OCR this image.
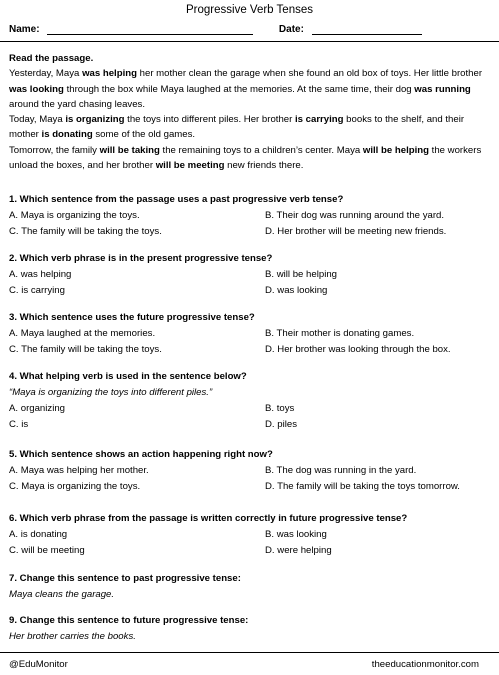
Progressive Verb Tenses
Name:	Date:

Read the passage.

Yesterday, Maya was helping her mother clean the garage when she found an old box of toys. Her little brother was looking through the box while Maya laughed at the memories. At the same time, their dog was running around the yard chasing leaves.

Today, Maya is organizing the toys into different piles. Her brother is carrying books to the shelf, and their mother is donating some of the old games.

Tomorrow, the family will be taking the remaining toys to a children’s center. Maya will be helping the workers unload the boxes, and her brother will be meeting new friends there.

1. Which sentence from the passage uses a past progressive verb tense?
A. Maya is organizing the toys.	B. Their dog was running around the yard.
C. The family will be taking the toys.	D. Her brother will be meeting new friends.
2. Which verb phrase is in the present progressive tense?
A. was helping	B. will be helping
C. is carrying	D. was looking
3. Which sentence uses the future progressive tense?
A. Maya laughed at the memories.	B. Their mother is donating games.
C. The family will be taking the toys.	D. Her brother was looking through the box.
4. What helping verb is used in the sentence below?
“Maya is organizing the toys into different piles.”
A. organizing	B. toys
C. is	D. piles
5. Which sentence shows an action happening right now?
A. Maya was helping her mother.	B. The dog was running in the yard.
C. Maya is organizing the toys.	D. The family will be taking the toys tomorrow.
6. Which verb phrase from the passage is written correctly in future progressive tense?
A. is donating	B. was looking
C. will be meeting	D. were helping
7. Change this sentence to past progressive tense:
Maya cleans the garage.
9. Change this sentence to future progressive tense:
Her brother carries the books.
@EduMonitor	theeducationmonitor.com
